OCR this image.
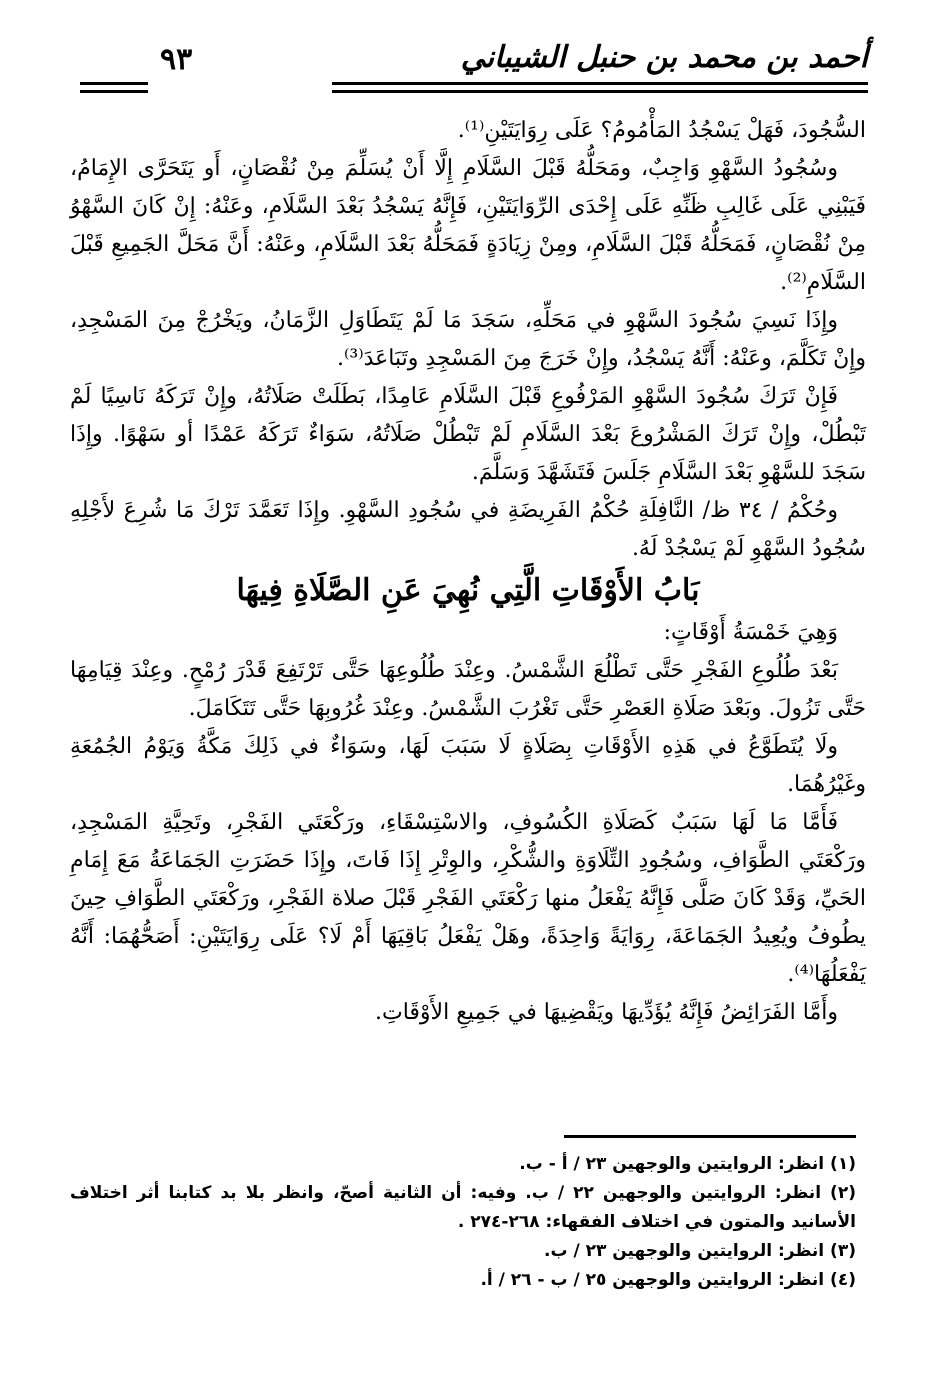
أحمد بن محمد بن حنبل الشيباني
٩٣

السُّجُودَ، فَهَلْ يَسْجُدُ المَأْمُومُ؟ عَلَى رِوَايَتَيْنِ⁽¹⁾.

وسُجُودُ السَّهْوِ وَاجِبٌ، ومَحَلُّهُ قَبْلَ السَّلَامِ إِلَّا أَنْ يُسَلِّمَ مِنْ نُقْصَانٍ، أَو يَتَحَرَّى الإِمَامُ، فَيَبْنِي عَلَى غَالِبِ ظَنِّهِ عَلَى إِحْدَى الرِّوَايَتَيْنِ، فَإِنَّهُ يَسْجُدُ بَعْدَ السَّلَامِ، وعَنْهُ: إِنْ كَانَ السَّهْوُ مِنْ نُقْصَانٍ، فَمَحَلُّهُ قَبْلَ السَّلَامِ، ومِنْ زِيَادَةٍ فَمَحَلُّهُ بَعْدَ السَّلَامِ، وعَنْهُ: أَنَّ مَحَلَّ الجَمِيعِ قَبْلَ السَّلَامِ⁽²⁾.

وإِذَا نَسِيَ سُجُودَ السَّهْوِ في مَحَلِّهِ، سَجَدَ مَا لَمْ يَتَطَاوَلِ الزَّمَانُ، ويَخْرُجْ مِنَ المَسْجِدِ، وإِنْ تَكَلَّمَ، وعَنْهُ: أَنَّهُ يَسْجُدُ، وإِنْ خَرَجَ مِنَ المَسْجِدِ وتَبَاعَدَ⁽³⁾.

فَإِنْ تَرَكَ سُجُودَ السَّهْوِ المَرْفُوعِ قَبْلَ السَّلَامِ عَامِدًا، بَطَلَتْ صَلَاتُهُ، وإِنْ تَرَكَهُ نَاسِيًا لَمْ تَبْطُلْ، وإِنْ تَرَكَ المَشْرُوعَ بَعْدَ السَّلَامِ لَمْ تَبْطُلْ صَلَاتُهُ، سَوَاءٌ تَرَكَهُ عَمْدًا أو سَهْوًا. وإِذَا سَجَدَ للسَّهْوِ بَعْدَ السَّلَامِ جَلَسَ فَتَشَهَّدَ وَسَلَّمَ.

وحُكْمُ / ٣٤ ظ/ النَّافِلَةِ حُكْمُ الفَرِيضَةِ في سُجُودِ السَّهْوِ. وإِذَا تَعَمَّدَ تَرْكَ مَا شُرِعَ لأَجْلِهِ سُجُودُ السَّهْوِ لَمْ يَسْجُدْ لَهُ.

بَابُ الأَوْقَاتِ الَّتِي نُهِيَ عَنِ الصَّلَاةِ فِيهَا

وَهِيَ خَمْسَةُ أَوْقَاتٍ:

بَعْدَ طُلُوعِ الفَجْرِ حَتَّى تَطْلُعَ الشَّمْسُ. وعِنْدَ طُلُوعِهَا حَتَّى تَرْتَفِعَ قَدْرَ رُمْحٍ. وعِنْدَ قِيَامِهَا حَتَّى تَزُولَ. وبَعْدَ صَلَاةِ العَصْرِ حَتَّى تَغْرُبَ الشَّمْسُ. وعِنْدَ غُرُوبِهَا حَتَّى تَتَكَامَلَ.

ولَا يُتَطَوَّعُ في هَذِهِ الأَوْقَاتِ بِصَلَاةٍ لَا سَبَبَ لَهَا، وسَوَاءٌ في ذَلِكَ مَكَّةُ وَيَوْمُ الجُمُعَةِ وغَيْرُهُمَا.

فَأَمَّا مَا لَهَا سَبَبٌ كَصَلَاةِ الكُسُوفِ، والاسْتِسْقَاءِ، ورَكْعَتَي الفَجْرِ، وتَحِيَّةِ المَسْجِدِ، ورَكْعَتَي الطَّوَافِ، وسُجُودِ التِّلَاوَةِ والشُّكْرِ، والوِتْرِ إِذَا فَاتَ، وإِذَا حَضَرَتِ الجَمَاعَةُ مَعَ إِمَامِ الحَيِّ، وَقَدْ كَانَ صَلَّى فَإِنَّهُ يَفْعَلُ منها رَكْعَتَي الفَجْرِ قَبْلَ صلاة الفَجْرِ، ورَكْعَتَي الطَّوَافِ حِينَ يطُوفُ ويُعِيدُ الجَمَاعَةَ، رِوَايَةً وَاحِدَةً، وهَلْ يَفْعَلُ بَاقِيَهَا أَمْ لَا؟ عَلَى رِوَايَتَيْنِ: أَصَحُّهُمَا: أَنَّهُ يَفْعَلُهَا⁽⁴⁾.

وأَمَّا الفَرَائِضُ فَإِنَّهُ يُؤَدِّيهَا ويَقْضِيهَا في جَمِيعِ الأَوْقَاتِ.

(١) انظر: الروايتين والوجهين ٢٣ / أ - ب.

(٢) انظر: الروايتين والوجهين ٢٢ / ب. وفيه: أن الثانية أصحّ، وانظر بلا بد كتابنا أثر اختلاف الأسانيد والمتون في اختلاف الفقهاء: ٢٦٨-٢٧٤ .

(٣) انظر: الروايتين والوجهين ٢٣ / ب.

(٤) انظر: الروايتين والوجهين ٢٥ / ب - ٢٦ / أ.
